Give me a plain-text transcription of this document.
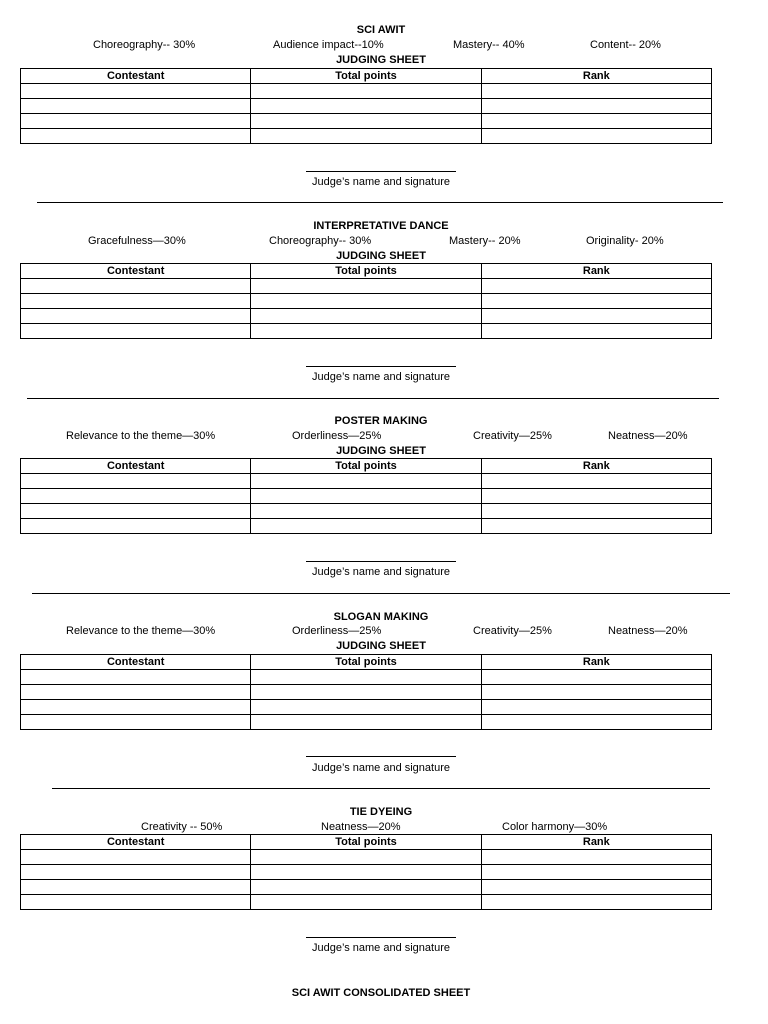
SCI AWIT
Choreography-- 30%	Audience impact--10%	Mastery-- 40%	Content-- 20%
JUDGING SHEET
Contestant	Total points	Rank

Judge’s name and signature
INTERPRETATIVE DANCE
Gracefulness—30%	Choreography-- 30%	Mastery-- 20%	Originality- 20%
JUDGING SHEET
Contestant	Total points	Rank

Judge’s name and signature
POSTER MAKING
Relevance to the theme—30%	Orderliness—25%	Creativity—25%	Neatness—20%
JUDGING SHEET
Contestant	Total points	Rank

Judge’s name and signature
SLOGAN MAKING
Relevance to the theme—30%	Orderliness—25%	Creativity—25%	Neatness—20%
JUDGING SHEET
Contestant	Total points	Rank

Judge’s name and signature
TIE DYEING
Creativity -- 50%	Neatness—20%	Color harmony—30%
Contestant	Total points	Rank

Judge’s name and signature
SCI AWIT CONSOLIDATED SHEET
